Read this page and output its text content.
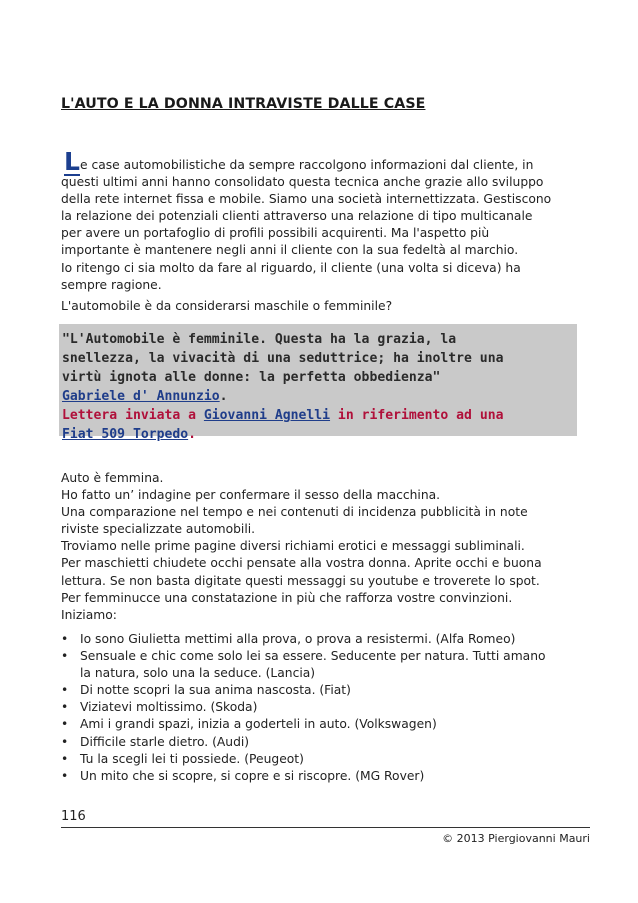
L'AUTO E LA DONNA INTRAVISTE DALLE CASE
L e case automobilistiche da sempre raccolgono informazioni dal cliente, in
questi ultimi anni hanno consolidato questa tecnica anche grazie allo sviluppo
della rete internet fissa e mobile. Siamo una società internettizzata. Gestiscono
la relazione dei potenziali clienti attraverso una relazione di tipo multicanale
per avere un portafoglio di profili possibili acquirenti. Ma l'aspetto più
importante è mantenere negli anni il cliente con la sua fedeltà al marchio.
Io ritengo ci sia molto da fare al riguardo, il cliente (una volta si diceva) ha
sempre ragione.

L'automobile è da considerarsi maschile o femminile?

"L'Automobile è femminile. Questa ha la grazia, la
snellezza, la vivacità di una seduttrice; ha inoltre una
virtù ignota alle donne: la perfetta obbedienza"
Gabriele d' Annunzio.
Lettera inviata a Giovanni Agnelli in riferimento ad una
Fiat 509 Torpedo.
Auto è femmina.
Ho fatto un’ indagine per confermare il sesso della macchina.
Una comparazione nel tempo e nei contenuti di incidenza pubblicità in note
riviste specializzate automobili.
Troviamo nelle prime pagine diversi richiami erotici e messaggi subliminali.
Per maschietti chiudete occhi pensate alla vostra donna. Aprite occhi e buona
lettura. Se non basta digitate questi messaggi su youtube e troverete lo spot.
Per femminucce una constatazione in più che rafforza vostre convinzioni.
Iniziamo:
• Io sono Giulietta mettimi alla prova, o prova a resistermi. (Alfa Romeo)
• Sensuale e chic come solo lei sa essere. Seducente per natura. Tutti amano
la natura, solo una la seduce. (Lancia)
• Di notte scopri la sua anima nascosta. (Fiat)
• Viziatevi moltissimo. (Skoda)
• Ami i grandi spazi, inizia a goderteli in auto. (Volkswagen)
• Difficile starle dietro. (Audi)
• Tu la scegli lei ti possiede. (Peugeot)
• Un mito che si scopre, si copre e si riscopre. (MG Rover)

116

© 2013 Piergiovanni Mauri
